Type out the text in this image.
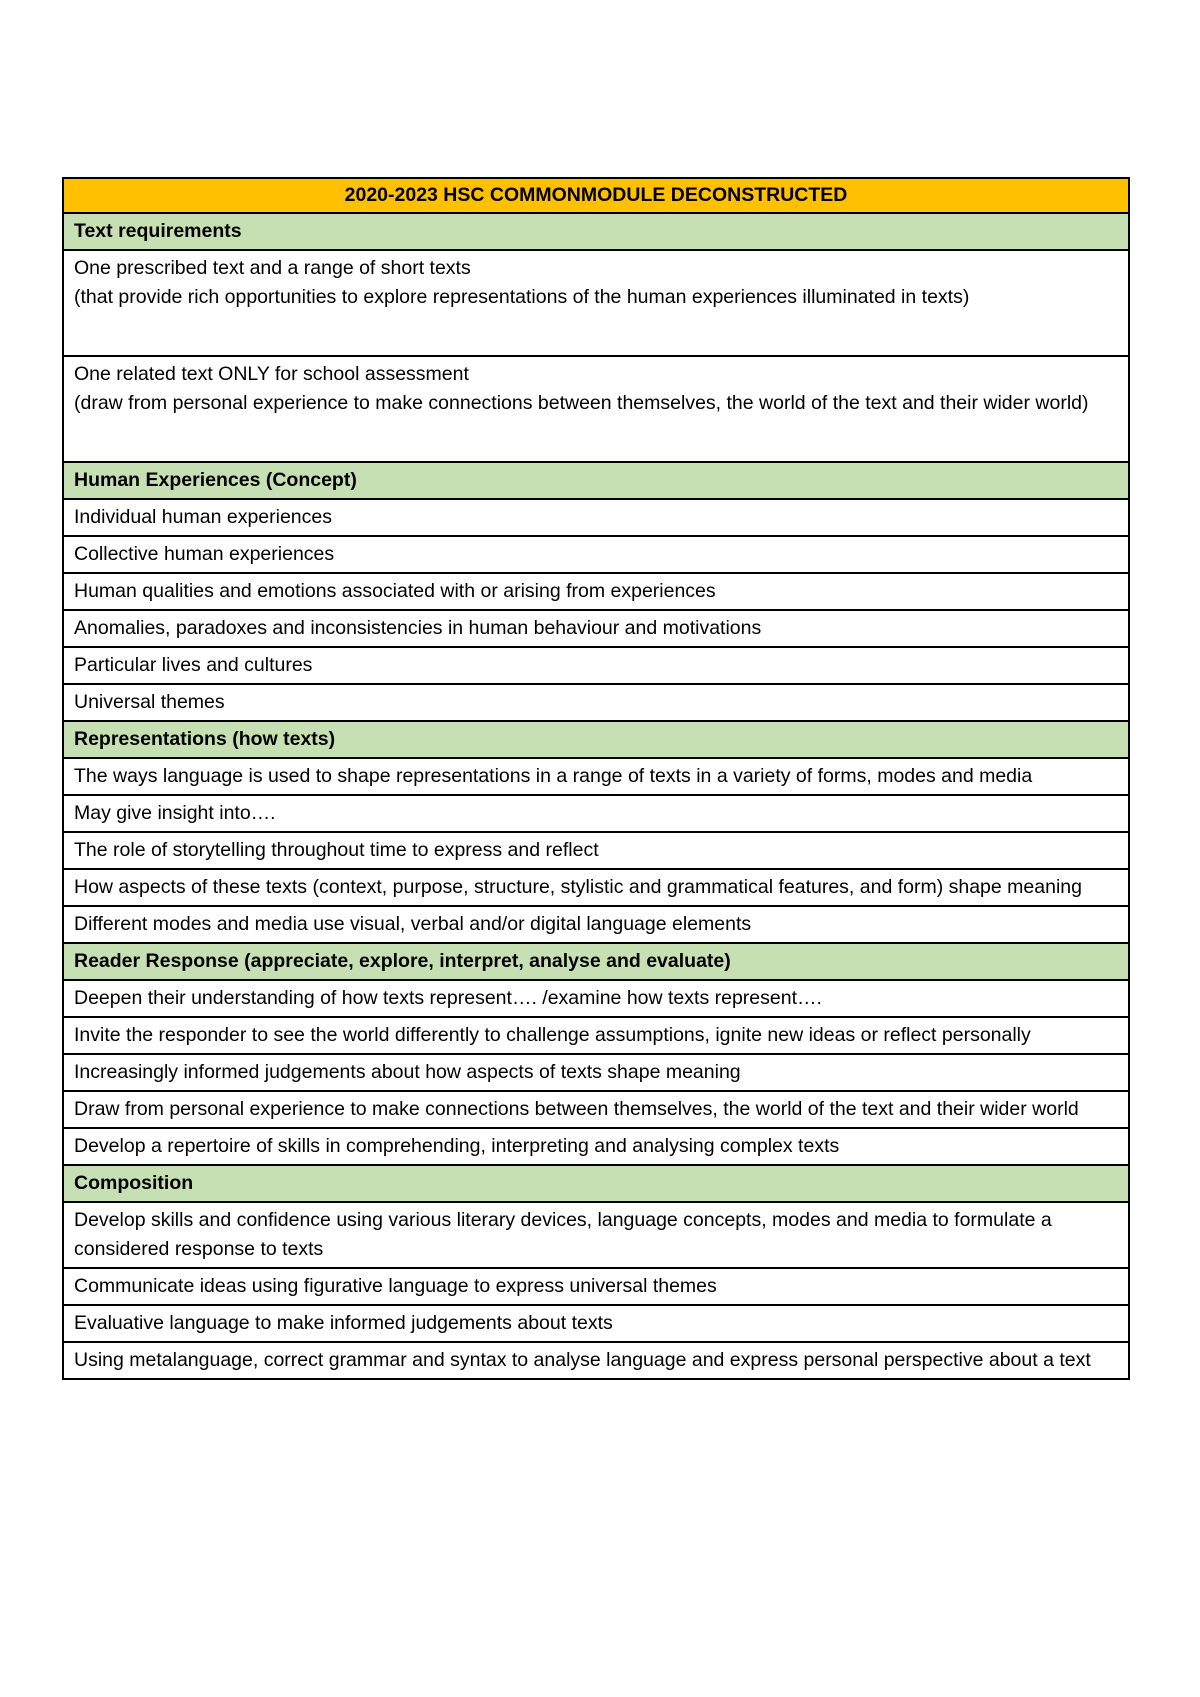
2020-2023 HSC COMMONMODULE DECONSTRUCTED
Text requirements

One prescribed text and a range of short texts
(that provide rich opportunities to explore representations of the human experiences illuminated in texts)

One related text ONLY for school assessment
(draw from personal experience to make connections between themselves, the world of the text and their wider world)

Human Experiences (Concept)
Individual human experiences
Collective human experiences
Human qualities and emotions associated with or arising from experiences
Anomalies, paradoxes and inconsistencies in human behaviour and motivations
Particular lives and cultures
Universal themes
Representations (how texts)
The ways language is used to shape representations in a range of texts in a variety of forms, modes and media
May give insight into….
The role of storytelling throughout time to express and reflect
How aspects of these texts (context, purpose, structure, stylistic and grammatical features, and form) shape meaning
Different modes and media use visual, verbal and/or digital language elements
Reader Response (appreciate, explore, interpret, analyse and evaluate)
Deepen their understanding of how texts represent…. /examine how texts represent….
Invite the responder to see the world differently to challenge assumptions, ignite new ideas or reflect personally
Increasingly informed judgements about how aspects of texts shape meaning
Draw from personal experience to make connections between themselves, the world of the text and their wider world
Develop a repertoire of skills in comprehending, interpreting and analysing complex texts
Composition
Develop skills and confidence using various literary devices, language concepts, modes and media to formulate a considered response to texts
Communicate ideas using figurative language to express universal themes
Evaluative language to make informed judgements about texts
Using metalanguage, correct grammar and syntax to analyse language and express personal perspective about a text
